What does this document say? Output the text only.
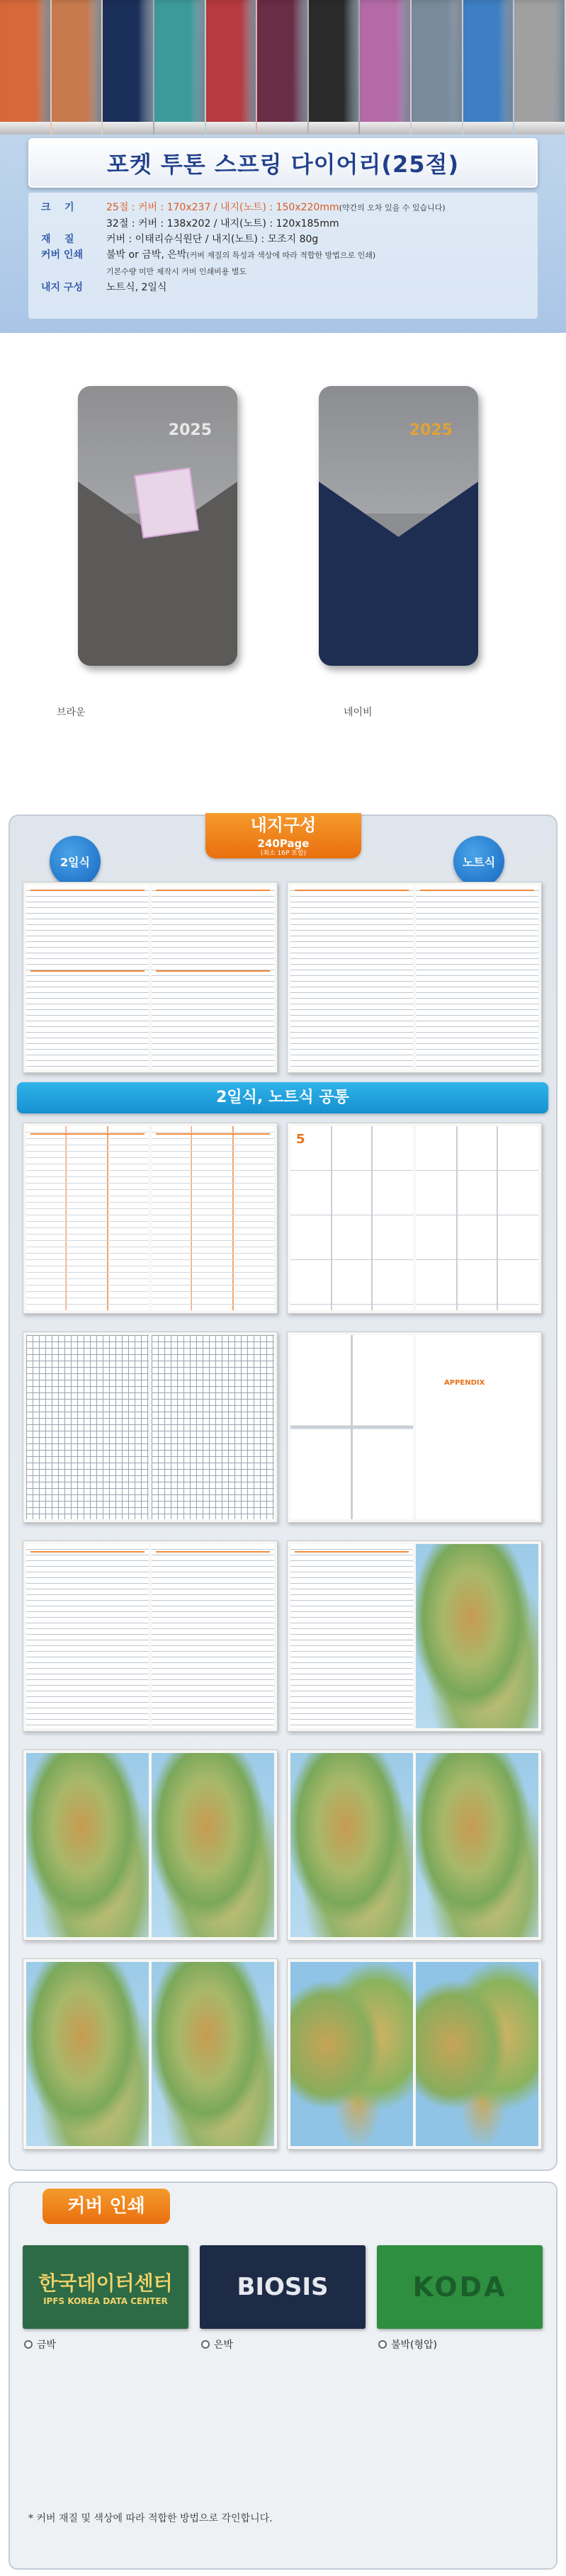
포켓 투톤 스프링 다이어리(25절)
크    기	25절 : 커버 : 170x237 / 내지(노트) : 150x220mm(약간의 오차 있을 수 있습니다)
32절 : 커버 : 138x202 / 내지(노트) : 120x185mm
재    질	커버 : 이태리슈식원단 / 내지(노트) : 모조지 80g
커버 인쇄	불박 or 금박, 은박(커버 재질의 특성과 색상에 따라 적합한 방법으로 인쇄)
기본수량 미만 제작시 커버 인쇄비용 별도
내지 구성	노트식, 2일식
2025
브라운
2025
네이비
내지구성
240Page
(최소 16P 포함)
2일식	노트식
2일식, 노트식 공통
5
APPENDIX
커버 인쇄
한국데이터센터
IPFS KOREA DATA CENTER
금박
BIOSIS
은박
KODA
불박(형압)
* 커버 재질 및 색상에 따라 적합한 방법으로 각인합니다.
